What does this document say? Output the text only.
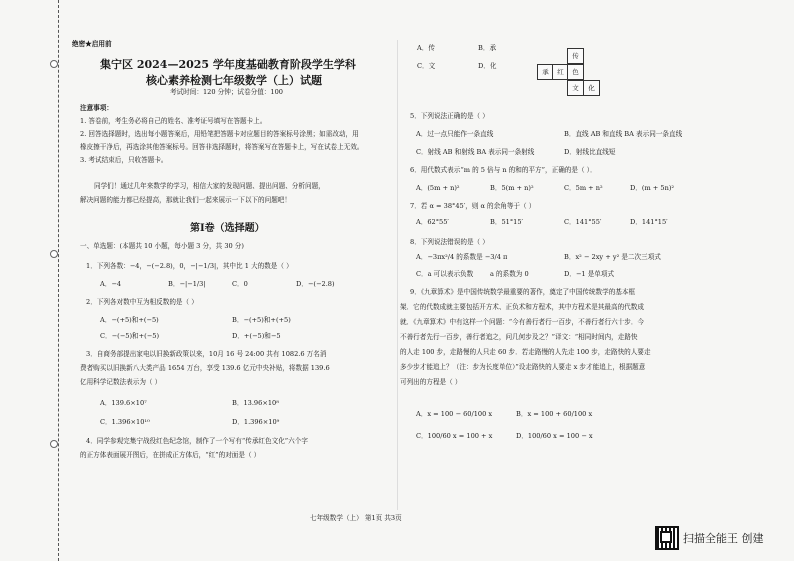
绝密★启用前
集宁区 2024—2025 学年度基础教育阶段学生学科
核心素养检测七年级数学（上）试题
考试时间：120 分钟；试卷分值：100
注意事项：
1. 答卷前，考生务必将自己的姓名、准考证号填写在答题卡上。
2. 回答选择题时，选出每小题答案后，用铅笔把答题卡对应题目的答案标号涂黑；如需改动，用
橡皮擦干净后，再选涂其他答案标号。回答非选择题时，将答案写在答题卡上，写在试卷上无效。
3. 考试结束后，只收答题卡。
同学们！通过几年来数学的学习，相信大家的发现问题、提出问题、分析问题，
解决问题的能力都已经提高，那就让我们一起来展示一下以下的问题吧！
第Ⅰ卷（选择题）
一、单选题：(本题共 10 小题，每小题 3 分，共 30 分)
1．下列各数：−4，−(−2.8)，0，−|−1/3|，其中比 1 大的数是（ ）
A．−4	B．−|−1/3|	C．0	D．−(−2.8)
2．下列各对数中互为相反数的是（ ）
A．−(+5)和+(−5)	B．−(+5)和+(+5)
C．−(−5)和+(−5)	D．+(−5)和−5
3．自商务部提出家电以旧换新政策以来，10月 16 号 24:00 共有 1082.6 万名消
费者购买以旧换新八大类产品 1654 万台，享受 139.6 亿元中央补贴，将数据 139.6
亿用科学记数法表示为（ ）
A．139.6×10⁷	B．13.96×10⁸
C．1.396×10¹⁰	D．1.396×10⁹
4．同学参观完集宁战役红色纪念馆，制作了一个写有“传承红色文化”六个字
的正方体表面展开图后，在拼成正方体后，“红”的对面是（ ）
七年级数学（上） 第1页 共3页
A．传	B．承
C．文	D．化
传
承	红	色
文	化
5．下列说法正确的是（ ）
A．过一点只能作一条直线	B．直线 AB 和直线 BA 表示同一条直线
C．射线 AB 和射线 BA 表示同一条射线	D．射线比直线短
6．用代数式表示“m 的 5 倍与 n 的和的平方”，正确的是（ ）．
A．(5m + n)²	B．5(m + n)²	C．5m + n²	D．(m + 5n)²
7．若 α = 38°45′，则 α 的余角等于（ ）
A．62°55′	B．51°15′	C．141°55′	D．141°15′
8．下列说法错误的是（ ）
A．−3πx²/4 的系数是 −3/4 π	B．x² − 2xy + y² 是二次三项式
C．a 可以表示负数	a 的系数为 0	D．−1 是单项式
9．《九章算术》是中国传统数学最重要的著作，奠定了中国传统数学的基本框
架．它的代数成就主要包括开方术、正负术和方程术，其中方程术是其最高的代数成
就．《九章算术》中有这样一个问题：“今有善行者行一百步，不善行者行六十步．今
不善行者先行一百步，善行者追之，问几何步及之？”译文：“相同时间内，走路快
的人走 100 步，走路慢的人只走 60 步．若走路慢的人先走 100 步，走路快的人要走
多少步才能追上？（注：步为长度单位）”设走路快的人要走 x 步才能追上，根据题意
可列出的方程是（ ）
A．x = 100 − 60/100 x	B．x = 100 + 60/100 x
C．100/60 x = 100 + x	D．100/60 x = 100 − x
扫描全能王 创建
